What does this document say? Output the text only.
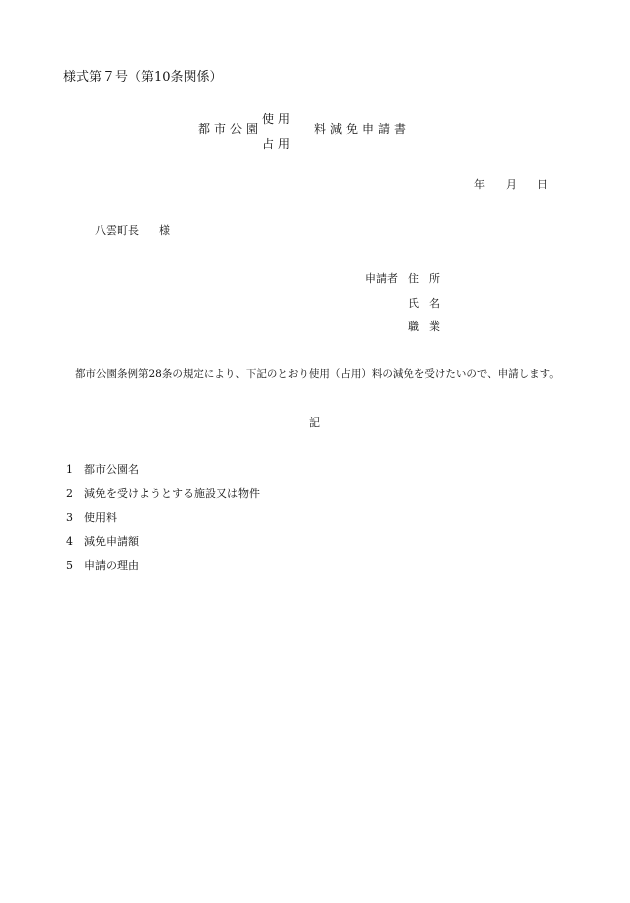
様式第７号（第10条関係）
都市公園
使用
占用
料減免申請書
年 月 日
八雲町長 様
申請者 住所
氏名
職業
都市公園条例第28条の規定により、下記のとおり使用（占用）料の減免を受けたいので、申請します。
記
1 都市公園名
2 減免を受けようとする施設又は物件
3 使用料
4 減免申請額
5 申請の理由
